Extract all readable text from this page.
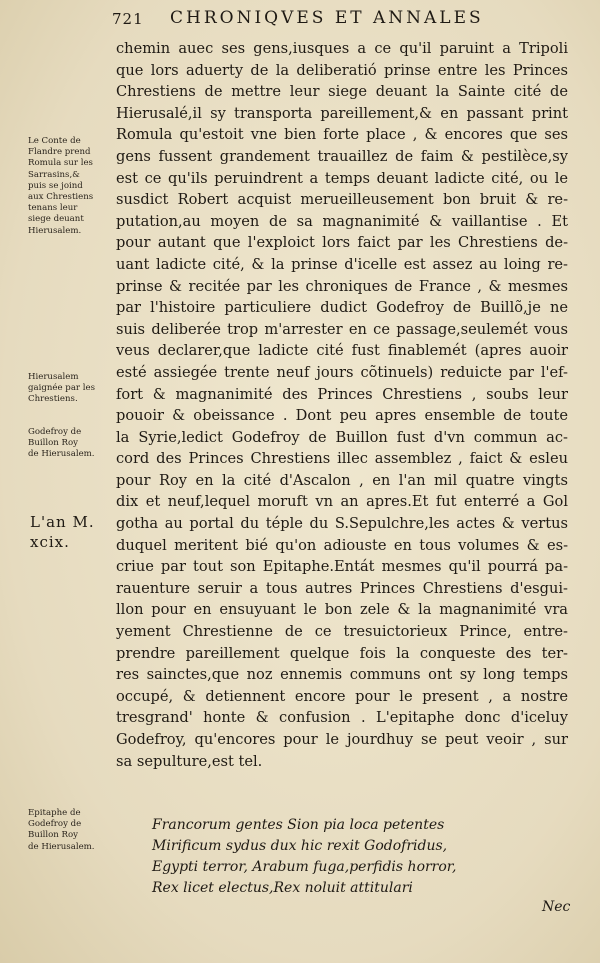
721 CHRONIQVES ET ANNALES
Le Conte de
Flandre prend
Romula sur les
Sarrasins,&
puis se joind
aux Chrestiens
tenans leur
siege deuant
Hierusalem.
Hierusalem
gaignée par les
Chrestiens.
Godefroy de
Buillon Roy
de Hierusalem.
L'an M.
xcix.
Epitaphe de
Godefroy de
Buillon Roy
de Hierusalem.
chemin auec ses gens,iusques a ce qu'il paruint a Tripoli
que lors aduerty de la deliberatió prinse entre les Princes
Chrestiens de mettre leur siege deuant la Sainte cité de
Hierusalé,il sy transporta pareillement,& en passant print
Romula qu'estoit vne bien forte place , & encores que ses
gens fussent grandement trauaillez de faim & pestilèce,sy
est ce qu'ils peruindrent a temps deuant ladicte cité, ou le
susdict Robert acquist merueilleusement bon bruit & re-
putation,au moyen de sa magnanimité & vaillantise . Et
pour autant que l'exploict lors faict par les Chrestiens de-
uant ladicte cité, & la prinse d'icelle est assez au loing re-
prinse & recitée par les chroniques de France , & mesmes
par l'histoire particuliere dudict Godefroy de Buillõ,je ne
suis deliberée trop m'arrester en ce passage,seulemét vous
veus declarer,que ladicte cité fust finablemét (apres auoir
esté assiegée trente neuf jours cõtinuels) reduicte par l'ef-
fort & magnanimité des Princes Chrestiens , soubs leur
pouoir & obeissance . Dont peu apres ensemble de toute
la Syrie,ledict Godefroy de Buillon fust d'vn commun ac-
cord des Princes Chrestiens illec assemblez , faict & esleu
pour Roy en la cité d'Ascalon , en l'an mil quatre vingts
dix et neuf,lequel moruft vn an apres.Et fut enterré a Gol
gotha au portal du téple du S.Sepulchre,les actes & vertus
duquel meritent bié qu'on adiouste en tous volumes & es-
criue par tout son Epitaphe.Entát mesmes qu'il pourrá pa-
rauenture seruir a tous autres Princes Chrestiens d'esgui-
llon pour en ensuyuant le bon zele & la magnanimité vra
yement Chrestienne de ce tresuictorieux Prince, entre-
prendre pareillement quelque fois la conqueste des ter-
res sainctes,que noz ennemis communs ont sy long temps
occupé, & detiennent encore pour le present , a nostre
tresgrand' honte & confusion . L'epitaphe donc d'iceluy
Godefroy, qu'encores pour le jourdhuy se peut veoir , sur
sa sepulture,est tel.
Francorum gentes Sion pia loca petentes
Mirificum sydus dux hic rexit Godofridus,
Egypti terror, Arabum fuga,perfidis horror,
Rex licet electus,Rex noluit attitulari
Nec
